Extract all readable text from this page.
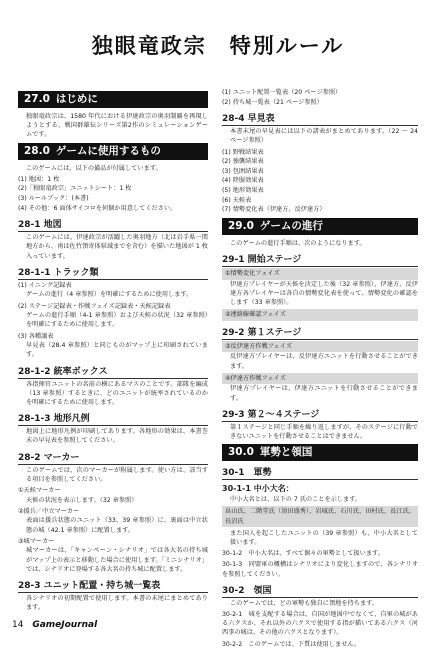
独眼竜政宗　特別ルール
27.0 はじめに
独眼竜政宗は、1580 年代における伊達政宗の奥羽制覇を再現しようとする、戦国群雄伝シリーズ第2作のシミュレーションゲームです。
28.0 ゲームに使用するもの
このゲームには、以下の備品が付属しています。
(1) 地図：1 枚
(2)「独眼竜政宗」ユニットシート：1 枚
(3) ルールブック：(本書)
(4) その他：6 面体サイコロを何個か用意してください。
28-1 地図
このゲームには、伊達政宗が活躍した奥羽地方（北は岩手県一関地方から、南は佐竹領寄体県域までを含む）を描いた地図が 1 枚入っています。
28-1-1 トラック類
(1) イニング記録表
ゲームの進行（4 章参照）を明確にするために使用します。
(2) ステージ記録表・作戦フェイズ記録表・天候記録表
ゲームの進行手順（4-1 章参照）および天候の状況（32 章参照）を明確にするために使用します。
(3) 各種譲表
早見表（28.4 章参照）と同じものがマップ上に印刷されています。
28-1-2 統率ボックス
各指揮官ユニットの名前の横にあるマスのことです。部隊を編成（13 章参照）するときに、どのユニットが統率されているのかを明確にするために使用します。
28-1-3 地形凡例
地図上に地形凡例が印刷してあります。各地形の効果は、本書巻末の早見表を参照してください。
28-2 マーカー
このゲームでは、次のマーカーが附属します。使い方は、該当する項目を参照してください。
①天候マーカー
天候の状況を表示します。（32 章参照）
②援兵／中立マーカー
表面は援兵状態のユニット（33、39 章参照）に、裏面は中立状態の城（42.1 章参照）に配置します。
③城マーカー
城マーカーは、「キャンペーン・シナリオ」では各大名の持ち城がマップ上の表示と移動した場合に使用します。「ミニシナリオ」では、シナリオに登場する各大名の持ち城に配置します。
28-3 ユニット配置・持ち城一覧表
各シナリオの初期配置で使用します。本書の末尾にまとめてあります。
(1) ユニット配置一覧表（20 ページ参照）
(2) 持ち城一覧表（21 ページ参照）
28-4 早見表
本書末尾の早見表には以下の諸表がまとめてあります。（22 ～ 24 ページ参照）
(1) 野戦結果表
(2) 強襲結果表
(3) 包囲結果表
(4) 降服効果表
(5) 地形効果表
(6) 天候表
(7) 情勢変化表（伊達方、反伊達方）
29.0 ゲームの進行
このゲームの進行手順は、次のようになります。
29-1 開始ステージ
①情勢変化フェイズ
伊達方プレイヤーが天候を決定した後（32 章参照）、伊達方、反伊達方各プレイヤーは各自の情勢変化表を使って、情勢変化の確認をします（33 章参照）。
②連絡線確認フェイズ
29-2 第１ステージ
③反伊達方作戦フェイズ
反伊達方プレイヤーは、反伊達方ユニットを行動させることができます。
④伊達方作戦フェイズ
伊達方プレイヤーは、伊達方ユニットを行動させることができます。
29-3 第２～４ステージ
第１ステージと同じ手順を繰り返しますが、そのステージに行動できないユニットを行動させることはできません。
30.0 軍勢と領国
30-1　軍勢
30-1-1 中小大名：
中小大名とは、以下の 7 氏のことを示します。
畠山氏、二階堂氏（須田盛秀）、岩城氏、石川氏、田村氏、長江氏、長沼氏
また国人を起こしたユニットの（39 章参照）も、中小大名として扱います。
30-1-2　中小大名は、すべて個々の軍勢として扱います。
30-1-3　同盟軍の概構はシナリオにより変化しますので、各シナリオを参照してください。
30-2　領国
このゲームでは、どの軍勢も独自に領地を持ちます。
30-2-1　城を支配する場合は、自国が地図中でなくて、自軍の城がある六クスか、それ以外の六クスで使用する指が描いてある六クス（河西事の城は、その他の六クスとなります）。
30-2-2　このゲームでは、下質は使用しません。
14 GameJournal
